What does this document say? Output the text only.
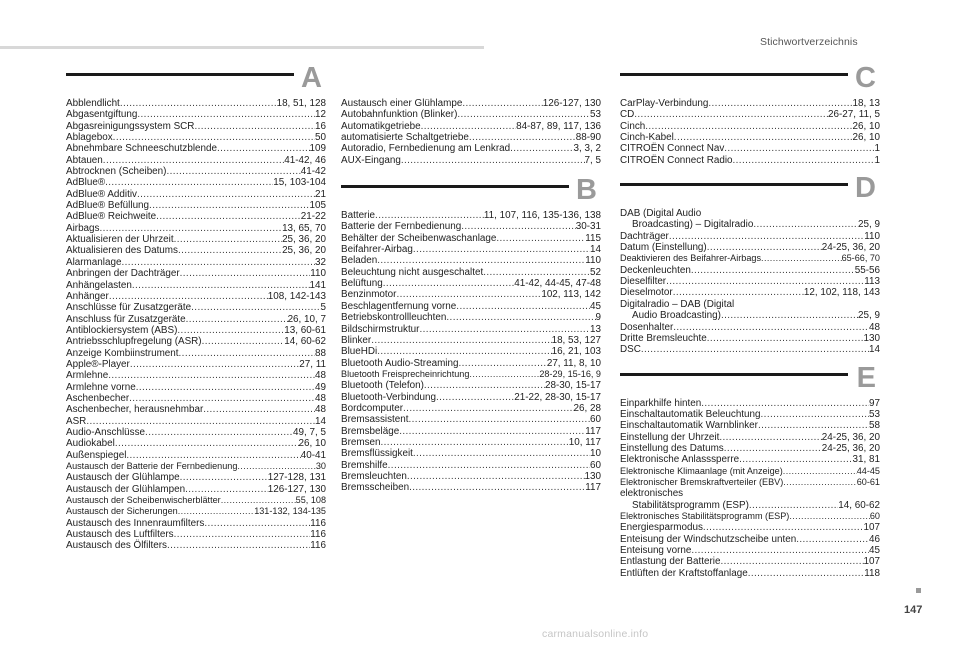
Stichwortverzeichnis
A
Abblendlicht .....	18, 51, 128
Abgasentgiftung .....	12
Abgasreinigungssystem SCR .....	16
Ablagebox .....	50
Abnehmbare Schneeschutzblende .....	109
Abtauen .....	41-42, 46
Abtrocknen (Scheiben) .....	41-42
AdBlue® .....	15, 103-104
AdBlue® Additiv .....	21
AdBlue® Befüllung .....	105
AdBlue® Reichweite .....	21-22
Airbags .....	13, 65, 70
Aktualisieren der Uhrzeit .....	25, 36, 20
Aktualisieren des Datums .....	25, 36, 20
Alarmanlage .....	32
Anbringen der Dachträger .....	110
Anhängelasten .....	141
Anhänger .....	108, 142-143
Anschlüsse für Zusatzgeräte .....	5
Anschluss für Zusatzgeräte .....	26, 10, 7
Antiblockiersystem (ABS) .....	13, 60-61
Antriebsschlupfregelung (ASR) .....	14, 60-62
Anzeige Kombiinstrument .....	88
Apple®-Player .....	27, 11
Armlehne .....	48
Armlehne vorne .....	49
Aschenbecher .....	48
Aschenbecher, herausnehmbar .....	48
ASR .....	14
Audio-Anschlüsse .....	49, 7, 5
Audiokabel .....	26, 10
Außenspiegel .....	40-41
Austausch der Batterie der Fernbedienung .....	30
Austausch der Glühlampe .....	127-128, 131
Austausch der Glühlampen .....	126-127, 130
Austausch der Scheibenwischerblätter .....	55, 108
Austausch der Sicherungen .....	131-132, 134-135
Austausch des Innenraumfilters .....	116
Austausch des Luftfilters .....	116
Austausch des Ölfilters .....	116
Austausch einer Glühlampe .....	126-127, 130
Autobahnfunktion (Blinker) .....	53
Automatikgetriebe .....	84-87, 89, 117, 136
automatisierte Schaltgetriebe .....	88-90
Autoradio, Fernbedienung am Lenkrad .....	3, 3, 2
AUX-Eingang .....	7, 5
B
Batterie .....	11, 107, 116, 135-136, 138
Batterie der Fernbedienung .....	30-31
Behälter der Scheibenwaschanlage .....	115
Beifahrer-Airbag .....	14
Beladen .....	110
Beleuchtung nicht ausgeschaltet .....	52
Belüftung .....	41-42, 44-45, 47-48
Benzinmotor .....	102, 113, 142
Beschlagentfernung vorne .....	45
Betriebskontrollleuchten .....	9
Bildschirmstruktur .....	13
Blinker .....	18, 53, 127
BlueHDi .....	16, 21, 103
Bluetooth Audio-Streaming .....	27, 11, 8, 10
Bluetooth Freisprecheinrichtung .....	28-29, 15-16, 9
Bluetooth (Telefon) .....	28-30, 15-17
Bluetooth-Verbindung .....	21-22, 28-30, 15-17
Bordcomputer .....	26, 28
Bremsassistent .....	60
Bremsbeläge .....	117
Bremsen .....	10, 117
Bremsflüssigkeit .....	10
Bremshilfe .....	60
Bremsleuchten .....	130
Bremsscheiben .....	117
C
CarPlay-Verbindung .....	18, 13
CD .....	26-27, 11, 5
Cinch .....	26, 10
Cinch-Kabel .....	26, 10
CITROËN Connect Nav .....	1
CITROËN Connect Radio .....	1
D
DAB (Digital Audio
Broadcasting) – Digitalradio .....	25, 9
Dachträger .....	110
Datum (Einstellung) .....	24-25, 36, 20
Deaktivieren des Beifahrer-Airbags .....	65-66, 70
Deckenleuchten .....	55-56
Dieselfilter .....	113
Dieselmotor .....	12, 102, 118, 143
Digitalradio – DAB (Digital
Audio Broadcasting) .....	25, 9
Dosenhalter .....	48
Dritte Bremsleuchte .....	130
DSC .....	14
E
Einparkhilfe hinten .....	97
Einschaltautomatik Beleuchtung .....	53
Einschaltautomatik Warnblinker .....	58
Einstellung der Uhrzeit .....	24-25, 36, 20
Einstellung des Datums .....	24-25, 36, 20
Elektronische Anlasssperre .....	31, 81
Elektronische Klimaanlage (mit Anzeige) .....	44-45
Elektronischer Bremskraftverteiler (EBV) .....	60-61
elektronisches
Stabilitätsprogramm (ESP) .....	14, 60-62
Elektronisches Stabilitätsprogramm (ESP) .....	60
Energiesparmodus .....	107
Enteisung der Windschutzscheibe unten .....	46
Enteisung vorne .....	45
Entlastung der Batterie .....	107
Entlüften der Kraftstoffanlage .....	118
147
carmanualsonline.info
